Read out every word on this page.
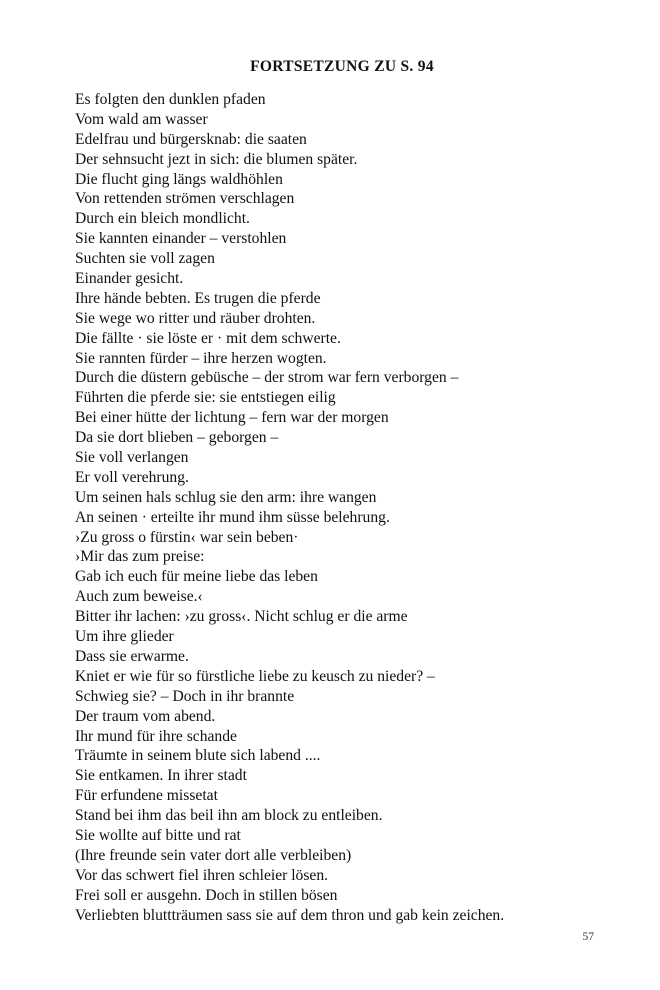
FORTSETZUNG ZU S. 94
Es folgten den dunklen pfaden
Vom wald am wasser
Edelfrau und bürgersknab: die saaten
Der sehnsucht jezt in sich: die blumen später.
Die flucht ging längs waldhöhlen
Von rettenden strömen verschlagen
Durch ein bleich mondlicht.
Sie kannten einander – verstohlen
Suchten sie voll zagen
Einander gesicht.
Ihre hände bebten. Es trugen die pferde
Sie wege wo ritter und räuber drohten.
Die fällte · sie löste er · mit dem schwerte.
Sie rannten fürder – ihre herzen wogten.
Durch die düstern gebüsche – der strom war fern verborgen –
Führten die pferde sie: sie entstiegen eilig
Bei einer hütte der lichtung – fern war der morgen
Da sie dort blieben – geborgen –
Sie voll verlangen
Er voll verehrung.
Um seinen hals schlug sie den arm: ihre wangen
An seinen · erteilte ihr mund ihm süsse belehrung.
›Zu gross o fürstin‹ war sein beben·
›Mir das zum preise:
Gab ich euch für meine liebe das leben
Auch zum beweise.‹
Bitter ihr lachen: ›zu gross‹. Nicht schlug er die arme
Um ihre glieder
Dass sie erwarme.
Kniet er wie für so fürstliche liebe zu keusch zu nieder? –
Schwieg sie? – Doch in ihr brannte
Der traum vom abend.
Ihr mund für ihre schande
Träumte in seinem blute sich labend ....
Sie entkamen. In ihrer stadt
Für erfundene missetat
Stand bei ihm das beil ihn am block zu entleiben.
Sie wollte auf bitte und rat
(Ihre freunde sein vater dort alle verbleiben)
Vor das schwert fiel ihren schleier lösen.
Frei soll er ausgehn. Doch in stillen bösen
Verliebten bluttträumen sass sie auf dem thron und gab kein zeichen.
57
